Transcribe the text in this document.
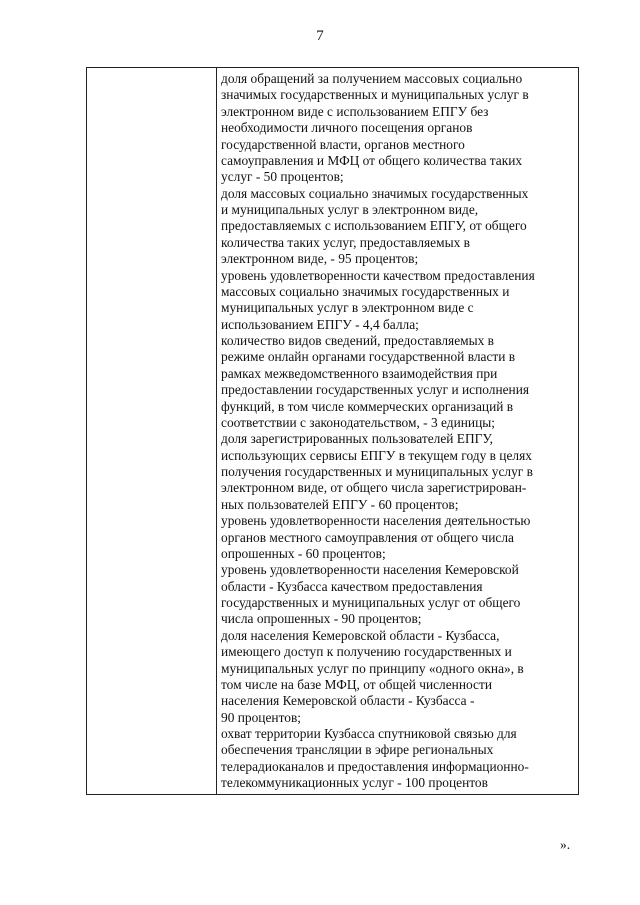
7

доля обращений за получением массовых социально
значимых государственных и муниципальных услуг в
электронном виде с использованием ЕПГУ без
необходимости личного посещения органов
государственной власти, органов местного
самоуправления и МФЦ от общего количества таких
услуг - 50 процентов;
доля массовых социально значимых государственных
и муниципальных услуг в электронном виде,
предоставляемых с использованием ЕПГУ, от общего
количества таких услуг, предоставляемых в
электронном виде, - 95 процентов;
уровень удовлетворенности качеством предоставления
массовых социально значимых государственных и
муниципальных услуг в электронном виде с
использованием ЕПГУ - 4,4 балла;
количество видов сведений, предоставляемых в
режиме онлайн органами государственной власти в
рамках межведомственного взаимодействия при
предоставлении государственных услуг и исполнения
функций, в том числе коммерческих организаций в
соответствии с законодательством, - 3 единицы;
доля зарегистрированных пользователей ЕПГУ,
использующих сервисы ЕПГУ в текущем году в целях
получения государственных и муниципальных услуг в
электронном виде, от общего числа зарегистрирован-
ных пользователей ЕПГУ - 60 процентов;
уровень удовлетворенности населения деятельностью
органов местного самоуправления от общего числа
опрошенных - 60 процентов;
уровень удовлетворенности населения Кемеровской
области - Кузбасса качеством предоставления
государственных и муниципальных услуг от общего
числа опрошенных - 90 процентов;
доля населения Кемеровской области - Кузбасса,
имеющего доступ к получению государственных и
муниципальных услуг по принципу «одного окна», в
том числе на базе МФЦ, от общей численности
населения Кемеровской области - Кузбасса -
90 процентов;
охват территории Кузбасса спутниковой связью для
обеспечения трансляции в эфире региональных
телерадиоканалов и предоставления информационно-
телекоммуникационных услуг - 100 процентов
».
